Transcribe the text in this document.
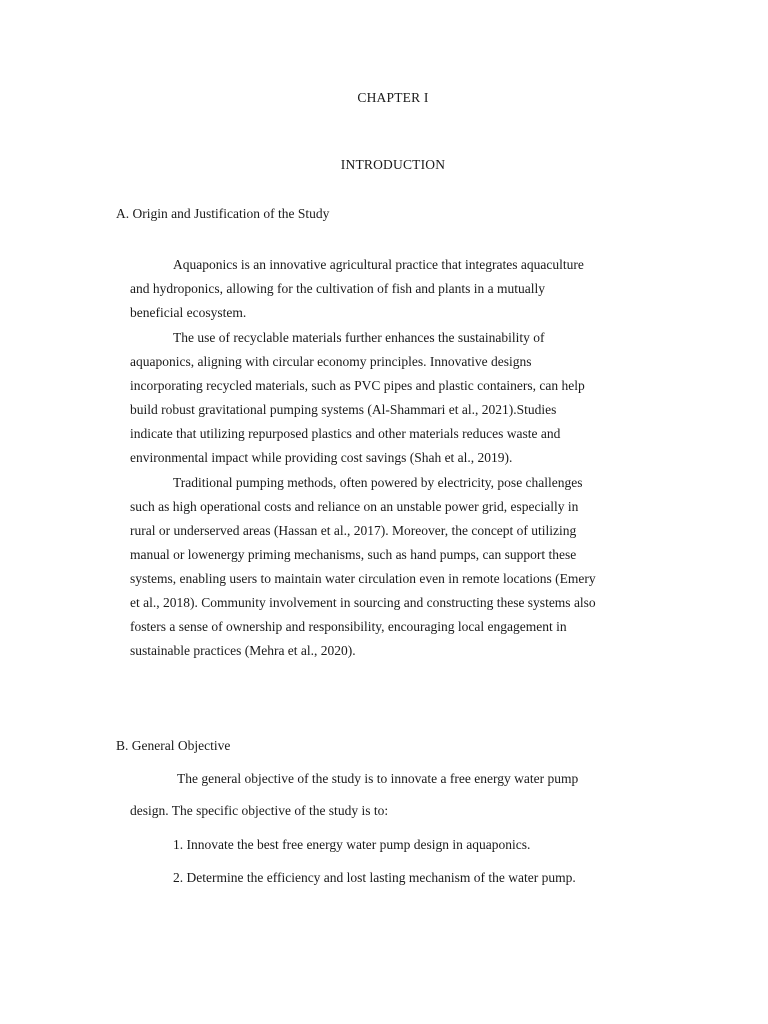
CHAPTER I

INTRODUCTION

A. Origin and Justification of the Study

Aquaponics is an innovative agricultural practice that integrates aquaculture

and hydroponics, allowing for the cultivation of fish and plants in a mutually

beneficial ecosystem.

The use of recyclable materials further enhances the sustainability of

aquaponics, aligning with circular economy principles. Innovative designs

incorporating recycled materials, such as PVC pipes and plastic containers, can help

build robust gravitational pumping systems (Al-Shammari et al., 2021).Studies

indicate that utilizing repurposed plastics and other materials reduces waste and

environmental impact while providing cost savings (Shah et al., 2019).

Traditional pumping methods, often powered by electricity, pose challenges

such as high operational costs and reliance on an unstable power grid, especially in

rural or underserved areas (Hassan et al., 2017). Moreover, the concept of utilizing

manual or lowenergy priming mechanisms, such as hand pumps, can support these

systems, enabling users to maintain water circulation even in remote locations (Emery

et al., 2018). Community involvement in sourcing and constructing these systems also

fosters a sense of ownership and responsibility, encouraging local engagement in

sustainable practices (Mehra et al., 2020).

B. General Objective

The general objective of the study is to innovate a free energy water pump

design. The specific objective of the study is to:

1. Innovate the best free energy water pump design in aquaponics.

2. Determine the efficiency and lost lasting mechanism of the water pump.
